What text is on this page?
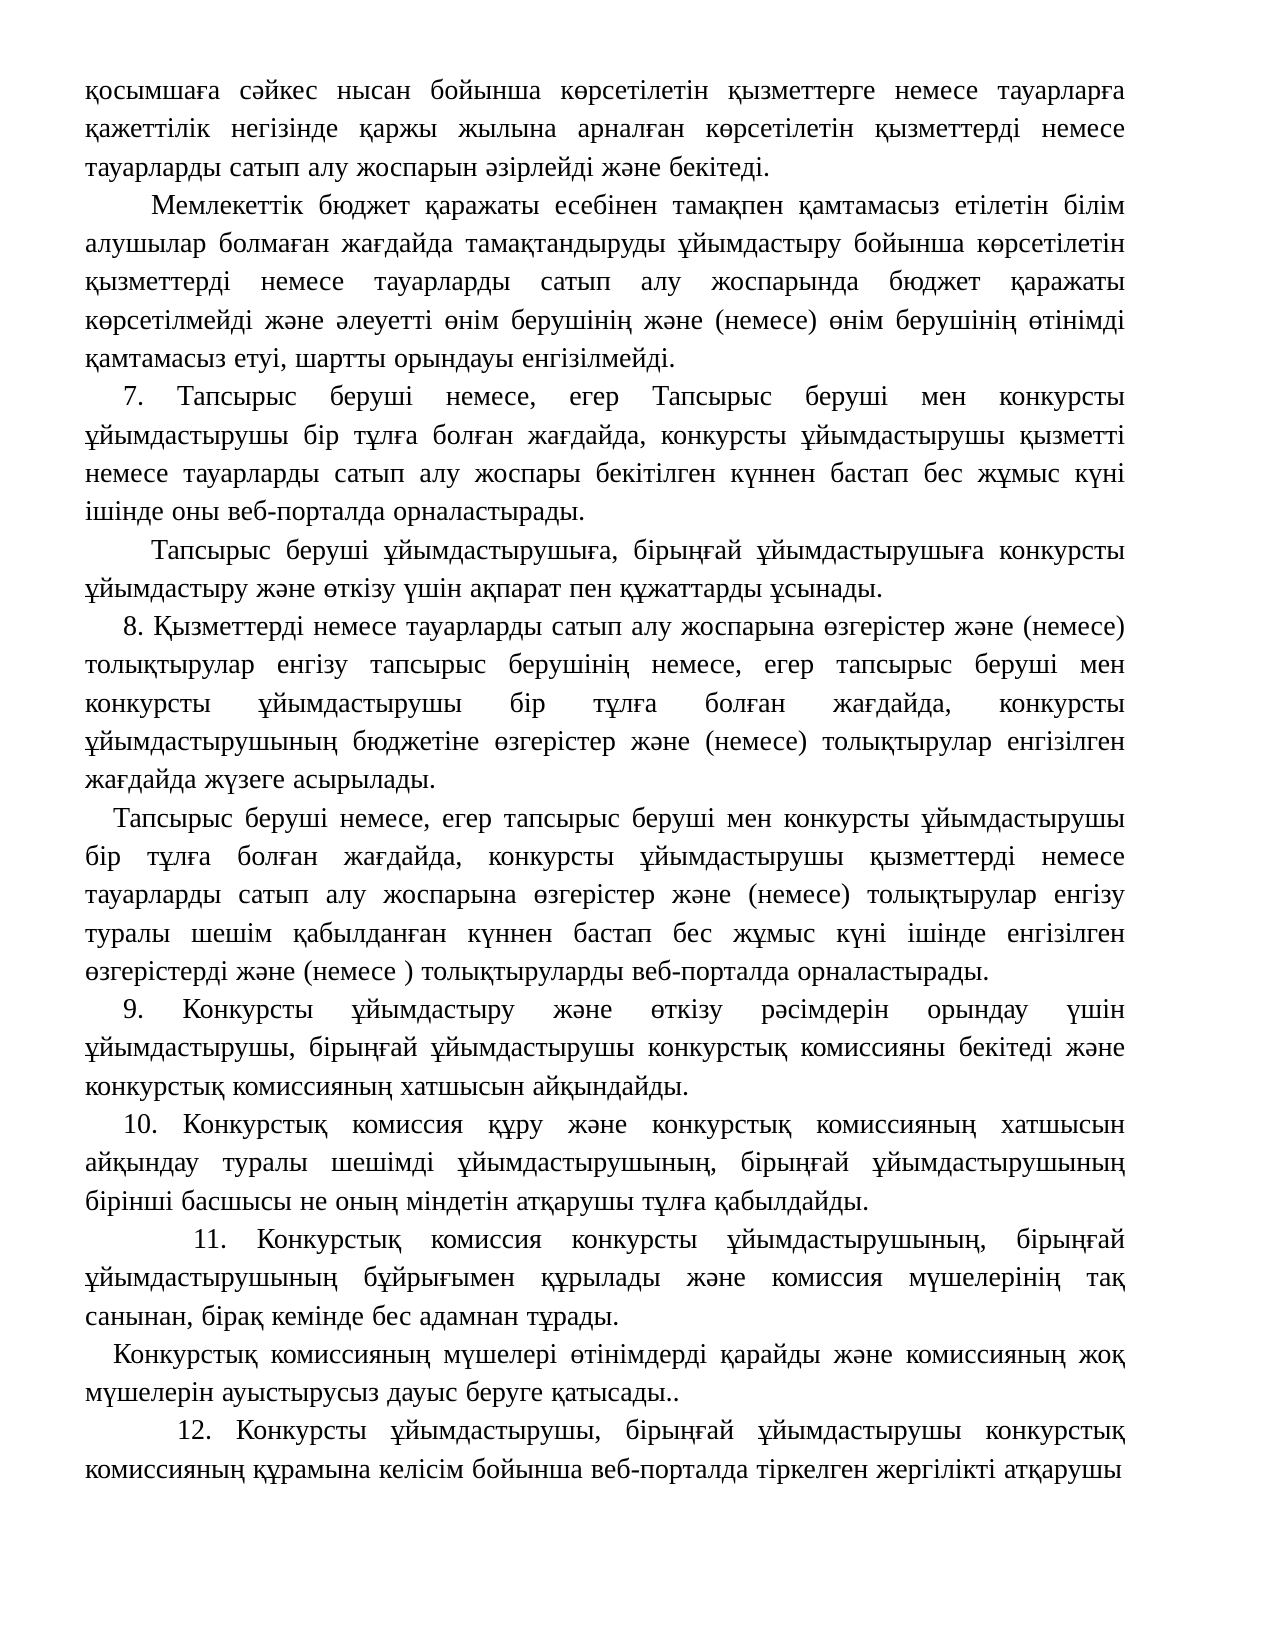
қосымшаға сәйкес нысан бойынша көрсетілетін қызметтерге немесе тауарларға қажеттілік негізінде қаржы жылына арналған көрсетілетін қызметтерді немесе тауарларды сатып алу жоспарын әзірлейді және бекітеді.

Мемлекеттік бюджет қаражаты есебінен тамақпен қамтамасыз етілетін білім алушылар болмаған жағдайда тамақтандыруды ұйымдастыру бойынша көрсетілетін қызметтерді немесе тауарларды сатып алу жоспарында бюджет қаражаты көрсетілмейді және әлеуетті өнім берушінің және (немесе) өнім берушінің өтінімді қамтамасыз етуі, шартты орындауы енгізілмейді.

7. Тапсырыс беруші немесе, егер Тапсырыс беруші мен конкурсты ұйымдастырушы бір тұлға болған жағдайда, конкурсты ұйымдастырушы қызметті немесе тауарларды сатып алу жоспары бекітілген күннен бастап бес жұмыс күні ішінде оны веб-порталда орналастырады.

Тапсырыс беруші ұйымдастырушыға, бірыңғай ұйымдастырушыға конкурсты ұйымдастыру және өткізу үшін ақпарат пен құжаттарды ұсынады.

8. Қызметтерді немесе тауарларды сатып алу жоспарына өзгерістер және (немесе) толықтырулар енгізу тапсырыс берушінің немесе, егер тапсырыс беруші мен конкурсты ұйымдастырушы бір тұлға болған жағдайда, конкурсты ұйымдастырушының бюджетіне өзгерістер және (немесе) толықтырулар енгізілген жағдайда жүзеге асырылады.

Тапсырыс беруші немесе, егер тапсырыс беруші мен конкурсты ұйымдастырушы бір тұлға болған жағдайда, конкурсты ұйымдастырушы қызметтерді немесе тауарларды сатып алу жоспарына өзгерістер және (немесе) толықтырулар енгізу туралы шешім қабылданған күннен бастап бес жұмыс күні ішінде енгізілген өзгерістерді және (немесе ) толықтыруларды веб-порталда орналастырады.

9. Конкурсты ұйымдастыру және өткізу рәсімдерін орындау үшін ұйымдастырушы, бірыңғай ұйымдастырушы конкурстық комиссияны бекітеді және конкурстық комиссияның хатшысын айқындайды.

10. Конкурстық комиссия құру және конкурстық комиссияның хатшысын айқындау туралы шешімді ұйымдастырушының, бірыңғай ұйымдастырушының бірінші басшысы не оның міндетін атқарушы тұлға қабылдайды.

11. Конкурстық комиссия конкурсты ұйымдастырушының, бірыңғай ұйымдастырушының бұйрығымен құрылады және комиссия мүшелерінің тақ санынан, бірақ кемінде бес адамнан тұрады.

Конкурстық комиссияның мүшелері өтінімдерді қарайды және комиссияның жоқ мүшелерін ауыстырусыз дауыс беруге қатысады..

12. Конкурсты ұйымдастырушы, бірыңғай ұйымдастырушы конкурстық комиссияның құрамына келісім бойынша веб-порталда тіркелген жергілікті атқарушы
